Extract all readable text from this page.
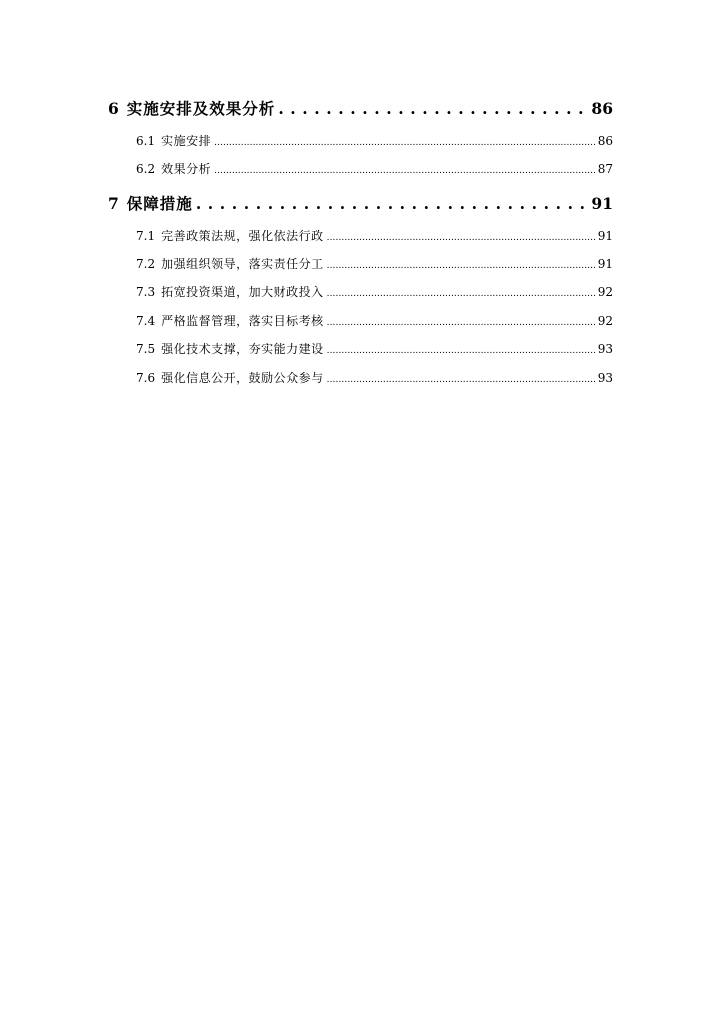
6 实施安排及效果分析 . . .	86
6.1 实施安排 .....	86
6.2 效果分析 .....	87
7 保障措施 . . .	91
7.1 完善政策法规，强化依法行政 .....	91
7.2 加强组织领导，落实责任分工 .....	91
7.3 拓宽投资渠道，加大财政投入 .....	92
7.4 严格监督管理，落实目标考核 .....	92
7.5 强化技术支撑，夯实能力建设 .....	93
7.6 强化信息公开，鼓励公众参与 .....	93
